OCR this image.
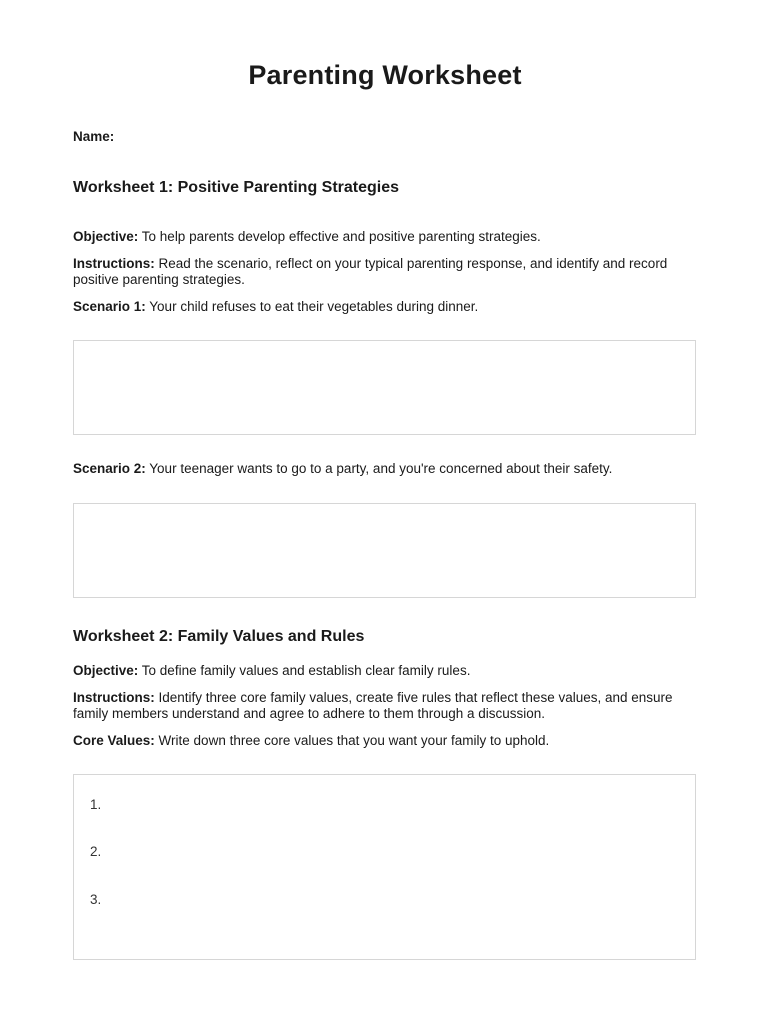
Parenting Worksheet

Name:

Worksheet 1: Positive Parenting Strategies

Objective: To help parents develop effective and positive parenting strategies.

Instructions: Read the scenario, reflect on your typical parenting response, and identify and record positive parenting strategies.

Scenario 1: Your child refuses to eat their vegetables during dinner.

Scenario 2: Your teenager wants to go to a party, and you're concerned about their safety.

Worksheet 2: Family Values and Rules

Objective: To define family values and establish clear family rules.

Instructions: Identify three core family values, create five rules that reflect these values, and ensure family members understand and agree to adhere to them through a discussion.

Core Values: Write down three core values that you want your family to uphold.

1.
2.
3.
